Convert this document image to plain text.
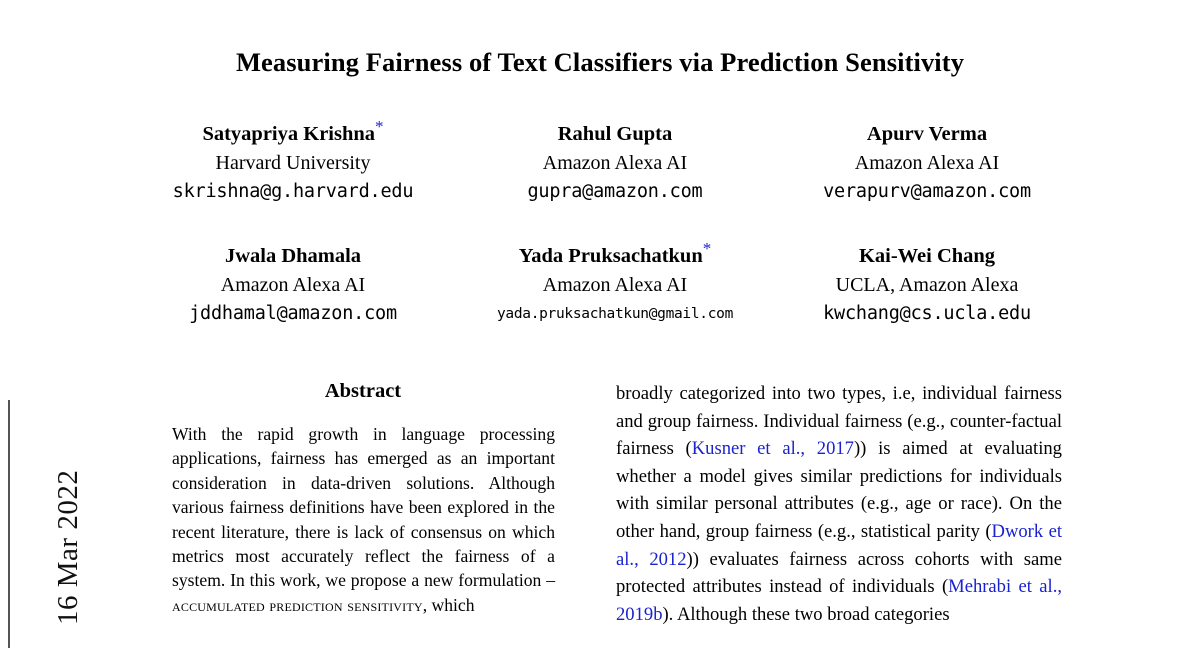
16 Mar 2022
Measuring Fairness of Text Classifiers via Prediction Sensitivity
Satyapriya Krishna*
Harvard University
skrishna@g.harvard.edu
Rahul Gupta
Amazon Alexa AI
gupra@amazon.com
Apurv Verma
Amazon Alexa AI
verapurv@amazon.com
Jwala Dhamala
Amazon Alexa AI
jddhamal@amazon.com
Yada Pruksachatkun*
Amazon Alexa AI
yada.pruksachatkun@gmail.com
Kai-Wei Chang
UCLA, Amazon Alexa
kwchang@cs.ucla.edu
Abstract

With the rapid growth in language processing applications, fairness has emerged as an important consideration in data-driven solutions. Although various fairness definitions have been explored in the recent literature, there is lack of consensus on which metrics most accurately reflect the fairness of a system. In this work, we propose a new formulation – accumulated prediction sensitivity, which

broadly categorized into two types, i.e, individual fairness and group fairness. Individual fairness (e.g., counter-factual fairness (Kusner et al., 2017)) is aimed at evaluating whether a model gives similar predictions for individuals with similar personal attributes (e.g., age or race). On the other hand, group fairness (e.g., statistical parity (Dwork et al., 2012)) evaluates fairness across cohorts with same protected attributes instead of individuals (Mehrabi et al., 2019b). Although these two broad categories
